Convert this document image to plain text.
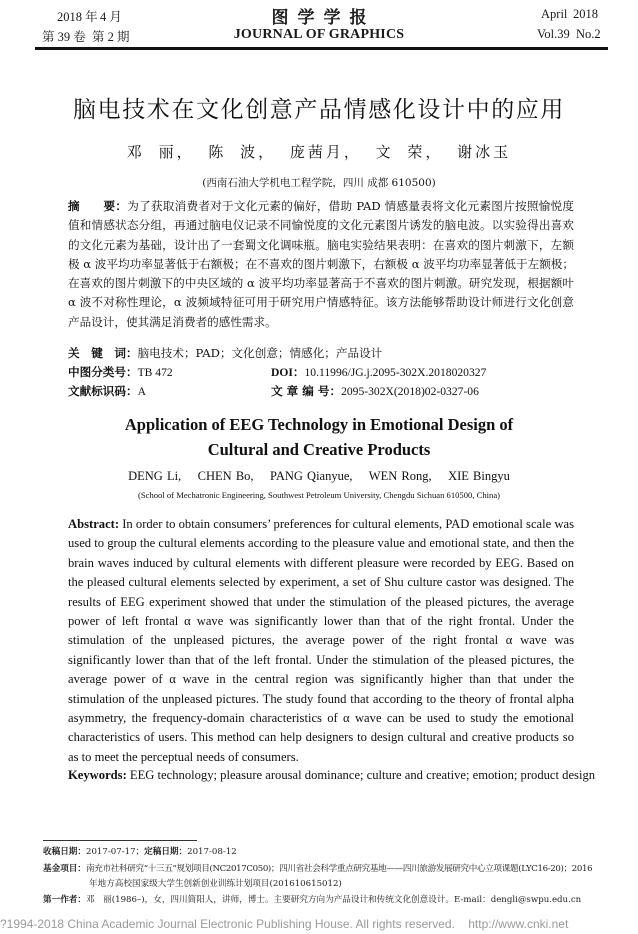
2018 年 4 月
第 39 卷 第 2 期
图学学报
JOURNAL OF GRAPHICS
April 2018
Vol.39 No.2
脑电技术在文化创意产品情感化设计中的应用
邓 丽， 陈 波， 庞茜月， 文 荣， 谢冰玉
(西南石油大学机电工程学院，四川 成都 610500)
摘　　要：为了获取消费者对于文化元素的偏好，借助 PAD 情感量表将文化元素图片按照愉悦度值和情感状态分组，再通过脑电仪记录不同愉悦度的文化元素图片诱发的脑电波。以实验得出喜欢的文化元素为基础，设计出了一套蜀文化调味瓶。脑电实验结果表明：在喜欢的图片刺激下，左额极 α 波平均功率显著低于右额极；在不喜欢的图片刺激下，右额极 α 波平均功率显著低于左额极；在喜欢的图片刺激下的中央区域的 α 波平均功率显著高于不喜欢的图片刺激。研究发现，根据额叶 α 波不对称性理论，α 波频域特征可用于研究用户情感特征。该方法能够帮助设计师进行文化创意产品设计，使其满足消费者的感性需求。
关　键　词：脑电技术；PAD；文化创意；情感化；产品设计
中图分类号：TB 472
文献标识码：A
DOI：10.11996/JG.j.2095-302X.2018020327
文 章 编 号：2095-302X(2018)02-0327-06
Application of EEG Technology in Emotional Design of
Cultural and Creative Products
DENG Li,    CHEN Bo,    PANG Qianyue,    WEN Rong,    XIE Bingyu
(School of Mechatronic Engineering, Southwest Petroleum University, Chengdu Sichuan 610500, China)
Abstract: In order to obtain consumers’ preferences for cultural elements, PAD emotional scale was used to group the cultural elements according to the pleasure value and emotional state, and then the brain waves induced by cultural elements with different pleasure were recorded by EEG. Based on the pleased cultural elements selected by experiment, a set of Shu culture castor was designed. The results of EEG experiment showed that under the stimulation of the pleased pictures, the average power of left frontal α wave was significantly lower than that of the right frontal. Under the stimulation of the unpleased pictures, the average power of the right frontal α wave was significantly lower than that of the left frontal. Under the stimulation of the pleased pictures, the average power of α wave in the central region was significantly higher than that under the stimulation of the unpleased pictures. The study found that according to the theory of frontal alpha asymmetry, the frequency-domain characteristics of α wave can be used to study the emotional characteristics of users. This method can help designers to design cultural and creative products so as to meet the perceptual needs of consumers.
Keywords: EEG technology; pleasure arousal dominance; culture and creative; emotion; product design
收稿日期：2017-07-17；定稿日期：2017-08-12
基金项目：南充市社科研究“十三五”规划项目(NC2017C050)；四川省社会科学重点研究基地——四川旅游发展研究中心立项课题(LYC16-20)；2016
年地方高校国家级大学生创新创业训练计划项目(201610615012)
第一作者：邓　丽(1986–)，女，四川简阳人，讲师，博士。主要研究方向为产品设计和传统文化创意设计。E-mail：dengli@swpu.edu.cn
?1994-2018 China Academic Journal Electronic Publishing House. All rights reserved.    http://www.cnki.net
